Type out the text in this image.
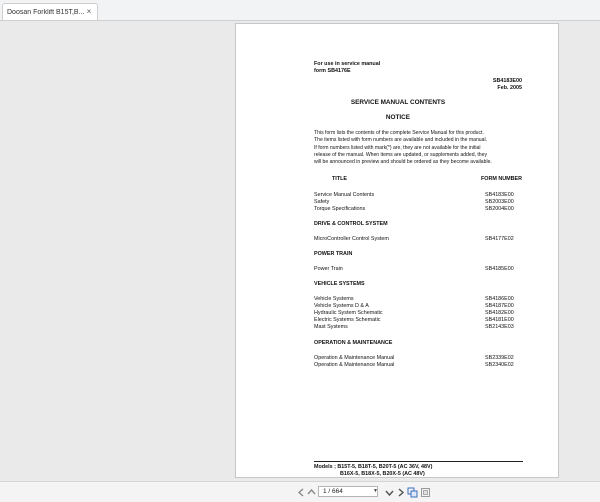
Doosan Forklift B15T,B... ×
For use in service manual
form SB4176E
SB4183E00
Feb. 2005
SERVICE MANUAL CONTENTS
NOTICE
This form lists the contents of the complete Service Manual for this product.
The items listed with form numbers are available and included in the manual.
If form numbers listed with mark(*) are, they are not available for the initial
release of the manual. When items are updated, or supplements added, they
will be announced in preview and should be ordered as they become available.
TITLE	FORM NUMBER
Service Manual Contents	SB4183E00
Safety	SB2003E00
Torque Specifications	SB2004E00
DRIVE & CONTROL SYSTEM
MicroController Control System	SB4177E02
POWER TRAIN
Power Train	SB4185E00
VEHICLE SYSTEMS
Vehicle Systems	SB4186E00
Vehicle Systems D & A	SB4187E00
Hydraulic System Schematic	SB4182E00
Electric Systems Schematic	SB4181E00
Mast Systems	SB2143E03
OPERATION & MAINTENANCE
Operation & Maintenance Manual	SB2339E02
Operation & Maintenance Manual	SB2340E02
Models ; B15T-5, B18T-5, B20T-5 (AC 36V, 48V)
B16X-5, B18X-5, B20X-5 (AC 48V)
1 / 664	▼
